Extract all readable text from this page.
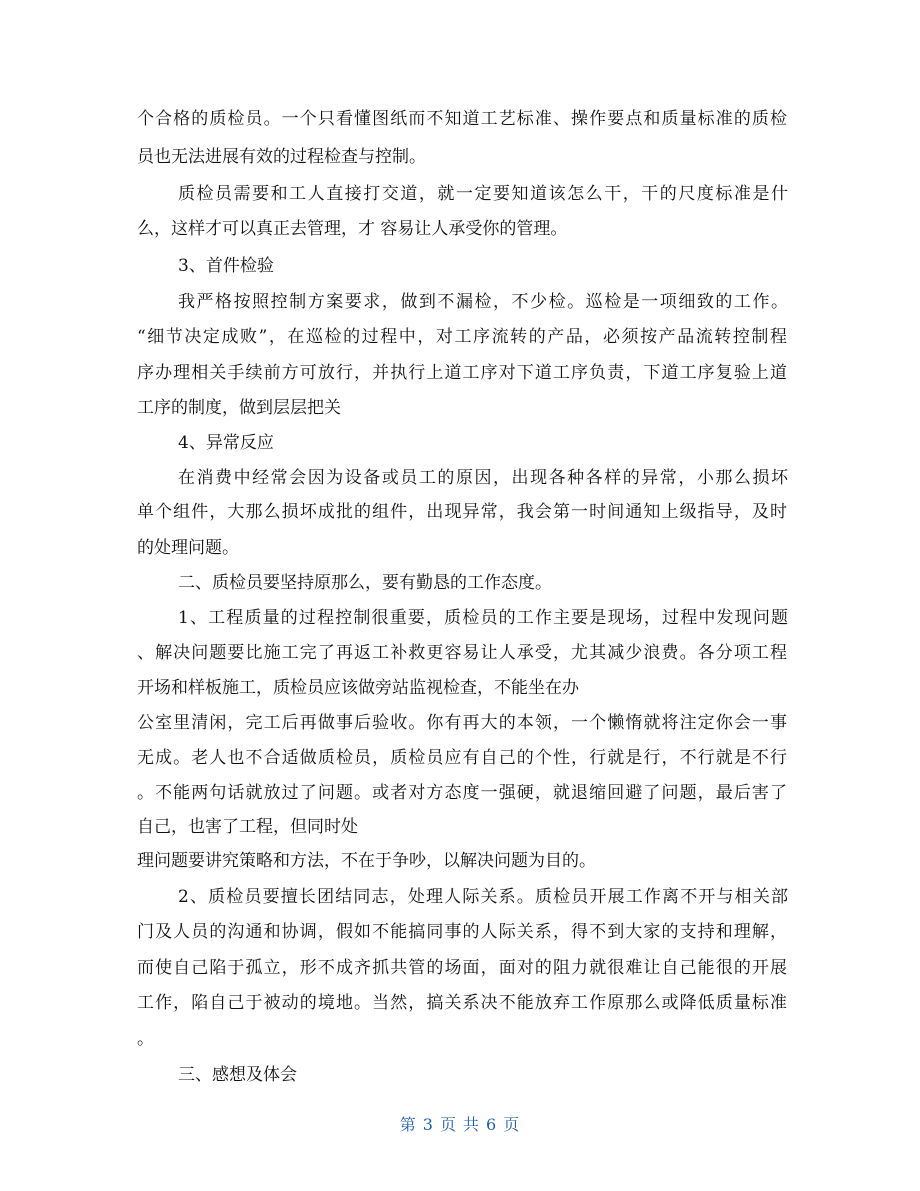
个合格的质检员。一个只看懂图纸而不知道工艺标准、操作要点和质量标准的质检
员也无法进展有效的过程检查与控制。
质检员需要和工人直接打交道，就一定要知道该怎么干，干的尺度标准是什
么，这样才可以真正去管理，才 容易让人承受你的管理。
3、首件检验
我严格按照控制方案要求，做到不漏检，不少检。巡检是一项细致的工作。
“细节决定成败”，在巡检的过程中，对工序流转的产品，必须按产品流转控制程
序办理相关手续前方可放行，并执行上道工序对下道工序负责，下道工序复验上道
工序的制度，做到层层把关
4、异常反应
在消费中经常会因为设备或员工的原因，出现各种各样的异常，小那么损坏
单个组件，大那么损坏成批的组件，出现异常，我会第一时间通知上级指导，及时
的处理问题。
二、质检员要坚持原那么，要有勤恳的工作态度。
1、工程质量的过程控制很重要，质检员的工作主要是现场，过程中发现问题
、解决问题要比施工完了再返工补救更容易让人承受，尤其减少浪费。各分项工程
开场和样板施工，质检员应该做旁站监视检查，不能坐在办
公室里清闲，完工后再做事后验收。你有再大的本领，一个懒惰就将注定你会一事
无成。老人也不合适做质检员，质检员应有自己的个性，行就是行，不行就是不行
。不能两句话就放过了问题。或者对方态度一强硬，就退缩回避了问题，最后害了
自己，也害了工程，但同时处
理问题要讲究策略和方法，不在于争吵，以解决问题为目的。
2、质检员要擅长团结同志，处理人际关系。质检员开展工作离不开与相关部
门及人员的沟通和协调，假如不能搞同事的人际关系，得不到大家的支持和理解，
而使自己陷于孤立，形不成齐抓共管的场面，面对的阻力就很难让自己能很的开展
工作，陷自己于被动的境地。当然，搞关系决不能放弃工作原那么或降低质量标准
。
三、感想及体会
第 3 页 共 6 页
